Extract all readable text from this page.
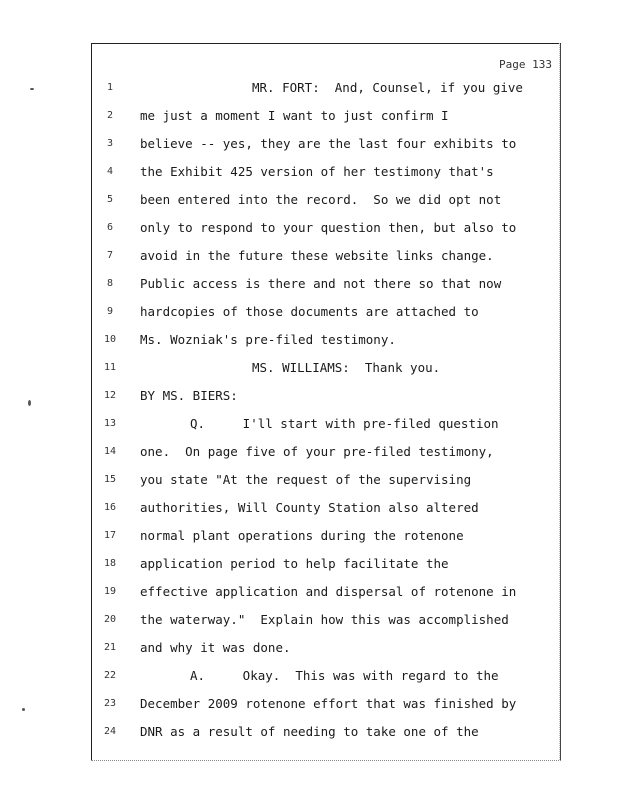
Page 133
1	MR. FORT:  And, Counsel, if you give
2	me just a moment I want to just confirm I
3	believe -- yes, they are the last four exhibits to
4	the Exhibit 425 version of her testimony that's
5	been entered into the record.  So we did opt not
6	only to respond to your question then, but also to
7	avoid in the future these website links change.
8	Public access is there and not there so that now
9	hardcopies of those documents are attached to
10	Ms. Wozniak's pre-filed testimony.
11	MS. WILLIAMS:  Thank you.
12	BY MS. BIERS:
13	Q.     I'll start with pre-filed question
14	one.  On page five of your pre-filed testimony,
15	you state "At the request of the supervising
16	authorities, Will County Station also altered
17	normal plant operations during the rotenone
18	application period to help facilitate the
19	effective application and dispersal of rotenone in
20	the waterway."  Explain how this was accomplished
21	and why it was done.
22	A.     Okay.  This was with regard to the
23	December 2009 rotenone effort that was finished by
24	DNR as a result of needing to take one of the
